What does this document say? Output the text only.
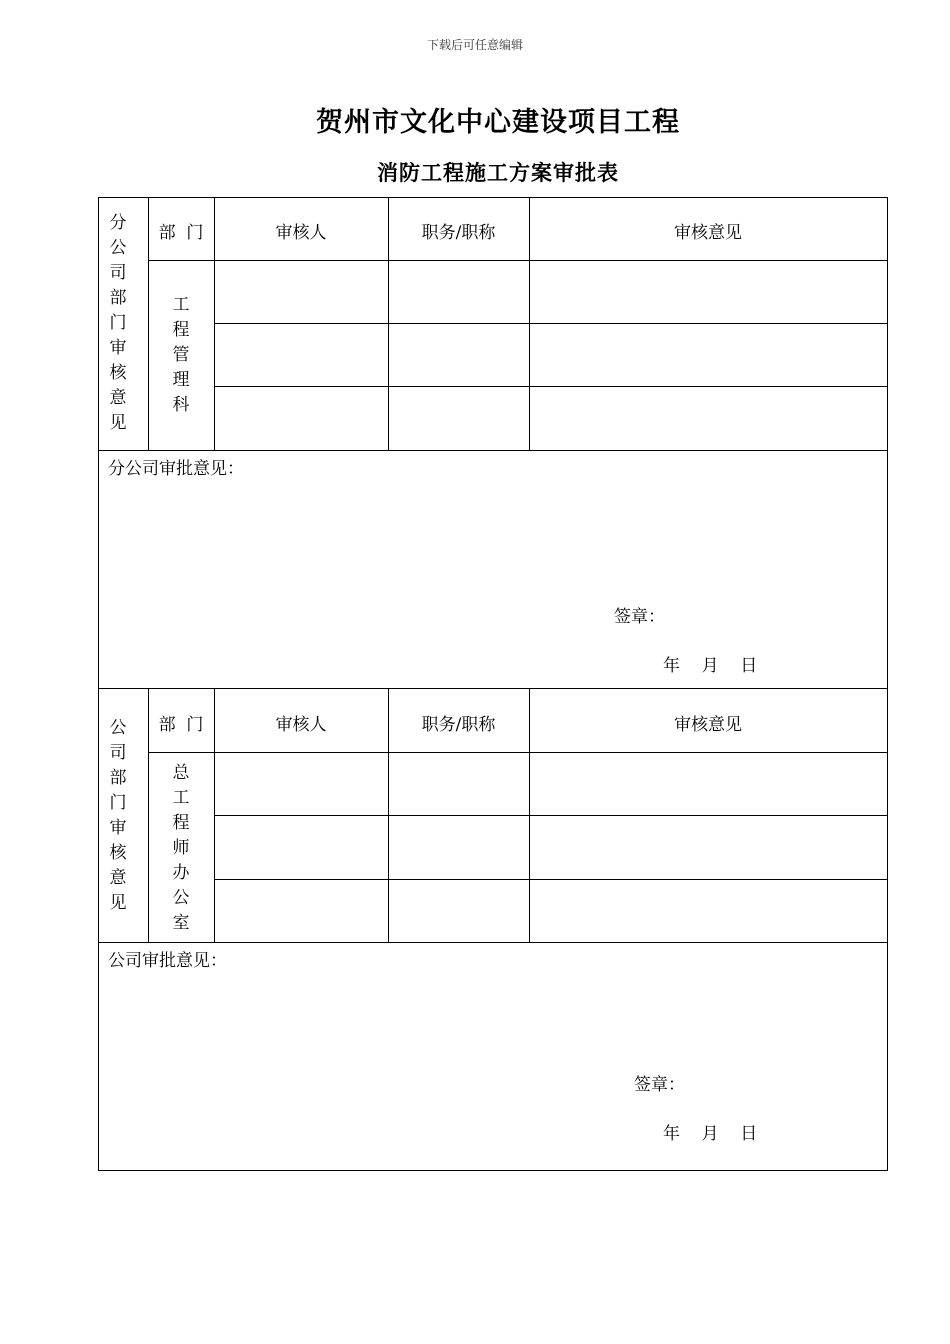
下载后可任意编辑
贺州市文化中心建设项目工程
消防工程施工方案审批表
分
公
司
部
门
审
核
意
见
部  门	审核人	职务/职称	审核意见
工
程
管
理
科
分公司审批意见：
签章：
年    月    日
公
司
部
门
审
核
意
见
部  门	审核人	职务/职称	审核意见
总
工
程
师
办
公
室
公司审批意见：
签章：
年    月    日
